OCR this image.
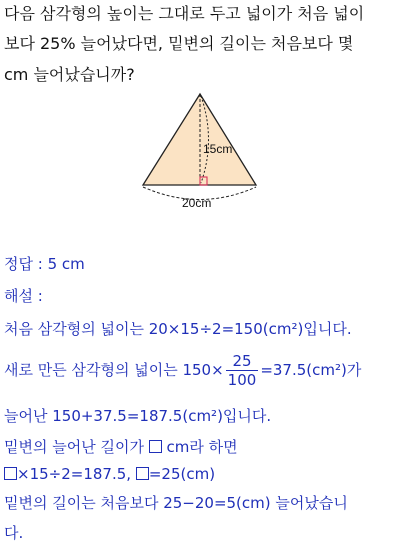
다음 삼각형의 높이는 그대로 두고 넓이가 처음 넓이
보다 25% 늘어났다면, 밑변의 길이는 처음보다 몇
cm 늘어났습니까?
15cm
20cm
정답 : 5 cm
해설 :
처음 삼각형의 넓이는 20×15÷2=150(cm²)입니다.
새로 만든 삼각형의 넓이는 $150\times \frac{25}{100} =37.5(cm^2)$가
늘어난 150+37.5=187.5(cm²)입니다.
밑변의 늘어난 길이가  cm라 하면
×15÷2=187.5, =25(cm)
밑변의 길이는 처음보다 25−20=5(cm) 늘어났습니
다.
